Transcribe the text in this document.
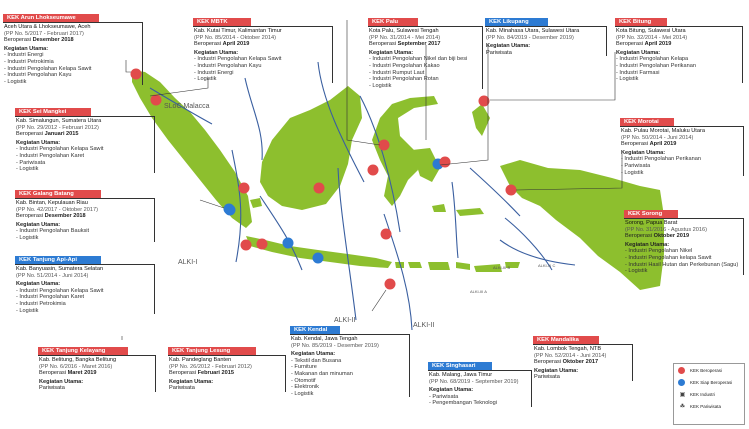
SLoC Malacca
ALKI-I
ALKI-II
ALKI-II
ALKI-III A
ALKI-III B	ALKI-III C
KEK Arun Lhokseumawe
Aceh Utara & Lhokseumawe, Aceh
(PP No. 5/2017 - Februari 2017)
Beroperasi Desember 2018
Kegiatan Utama:
- Industri Energi
- Industri Petrokimia
- Industri Pengolahan Kelapa Sawit
- Industri Pengolahan Kayu
- Logistik
KEK Sei Mangkei
Kab. Simalungun, Sumatera Utara
(PP No. 29/2012 - Februari 2012)
Beroperasi Januari 2015
Kegiatan Utama:
- Industri Pengolahan Kelapa Sawit
- Industri Pengolahan Karet
- Pariwisata
- Logistik
KEK Galang Batang
Kab. Bintan, Kepulauan Riau
(PP No. 42/2017 - Oktober 2017)
Beroperasi Desember 2018
Kegiatan Utama:
- Industri Pengolahan Bauksit
- Logistik
KEK Tanjung Api-Api
Kab. Banyuasin, Sumatera Selatan
(PP No. 51/2014 - Juni 2014)
Kegiatan Utama:
- Industri Pengolahan Kelapa Sawit
- Industri Pengolahan Karet
- Industri Petrokimia
- Logistik
KEK Tanjung Kelayang
Kab. Belitung, Bangka Belitung
(PP No. 6/2016 - Maret 2016)
Beroperasi Maret 2019
Kegiatan Utama:
Pariwisata
KEK Tanjung Lesung
Kab. Pandeglang Banten
(PP No. 26/2012 - Februari 2012)
Beroperasi Februari 2015
Kegiatan Utama:
Pariwisata
KEK MBTK
Kab. Kutai Timur, Kalimantan Timur
(PP No. 85/2014 - Oktober 2014)
Beroperasi April 2019
Kegiatan Utama:
- Industri Pengolahan Kelapa Sawit
- Industri Pengolahan Kayu
- Industri Energi
- Logistik
KEK Palu
Kota Palu, Sulawesi Tengah
(PP No. 31/2014 - Mei 2014)
Beroperasi September 2017
Kegiatan Utama:
- Industri Pengolahan Nikel dan biji besi
- Industri Pengolahan Kakao
- Industri Rumput Laut
- Industri Pengolahan Rotan
- Logistik
KEK Likupang
Kab. Minahasa Utara, Sulawesi Utara
(PP No. 84/2019 - Desember 2019)
Kegiatan Utama:
Pariwisata
KEK Bitung
Kota Bitung, Sulawesi Utara
(PP No. 32/2014 - Mei 2014)
Beroperasi April 2019
Kegiatan Utama:
- Industri Pengolahan Kelapa
- Industri Pengolahan Perikanan
- Industri Farmasi
- Logistik
KEK Morotai
Kab. Pulau Morotai, Maluku Utara
(PP No. 50/2014 - Juni 2014)
Beroperasi April 2019
Kegiatan Utama:
- Industri Pengolahan Perikanan
- Pariwisata
- Logistik
KEK Sorong
Sorong, Papua Barat
(PP No. 31/2016 - Agustus 2016)
Beroperasi Oktober 2019
Kegiatan Utama:
- Industri Pengolahan Nikel
- Industri Pengolahan kelapa Sawit
- Industri Hasil Hutan dan Perkebunan (Sagu)
- Logistik
KEK Kendal
Kab. Kendal, Jawa Tengah
(PP No. 85/2019 - Desember 2019)
Kegiatan Utama:
- Tekstil dan Busana
- Furniture
- Makanan dan minuman
- Otomotif
- Elektronik
- Logistik
KEK Singhasari
Kab. Malang, Jawa Timur
(PP No. 68/2019 - September 2019)
Kegiatan Utama:
- Pariwisata
- Pengembangan Teknologi
KEK Mandalika
Kab. Lombok Tengah, NTB
(PP No. 52/2014 - Juni 2014)
Beroperasi Oktober 2017
Kegiatan Utama:
Pariwisata
KEK Beroperasi
KEK Siap Beroperasi
▣	KEK Industri
☘	KEK Pariwisata
